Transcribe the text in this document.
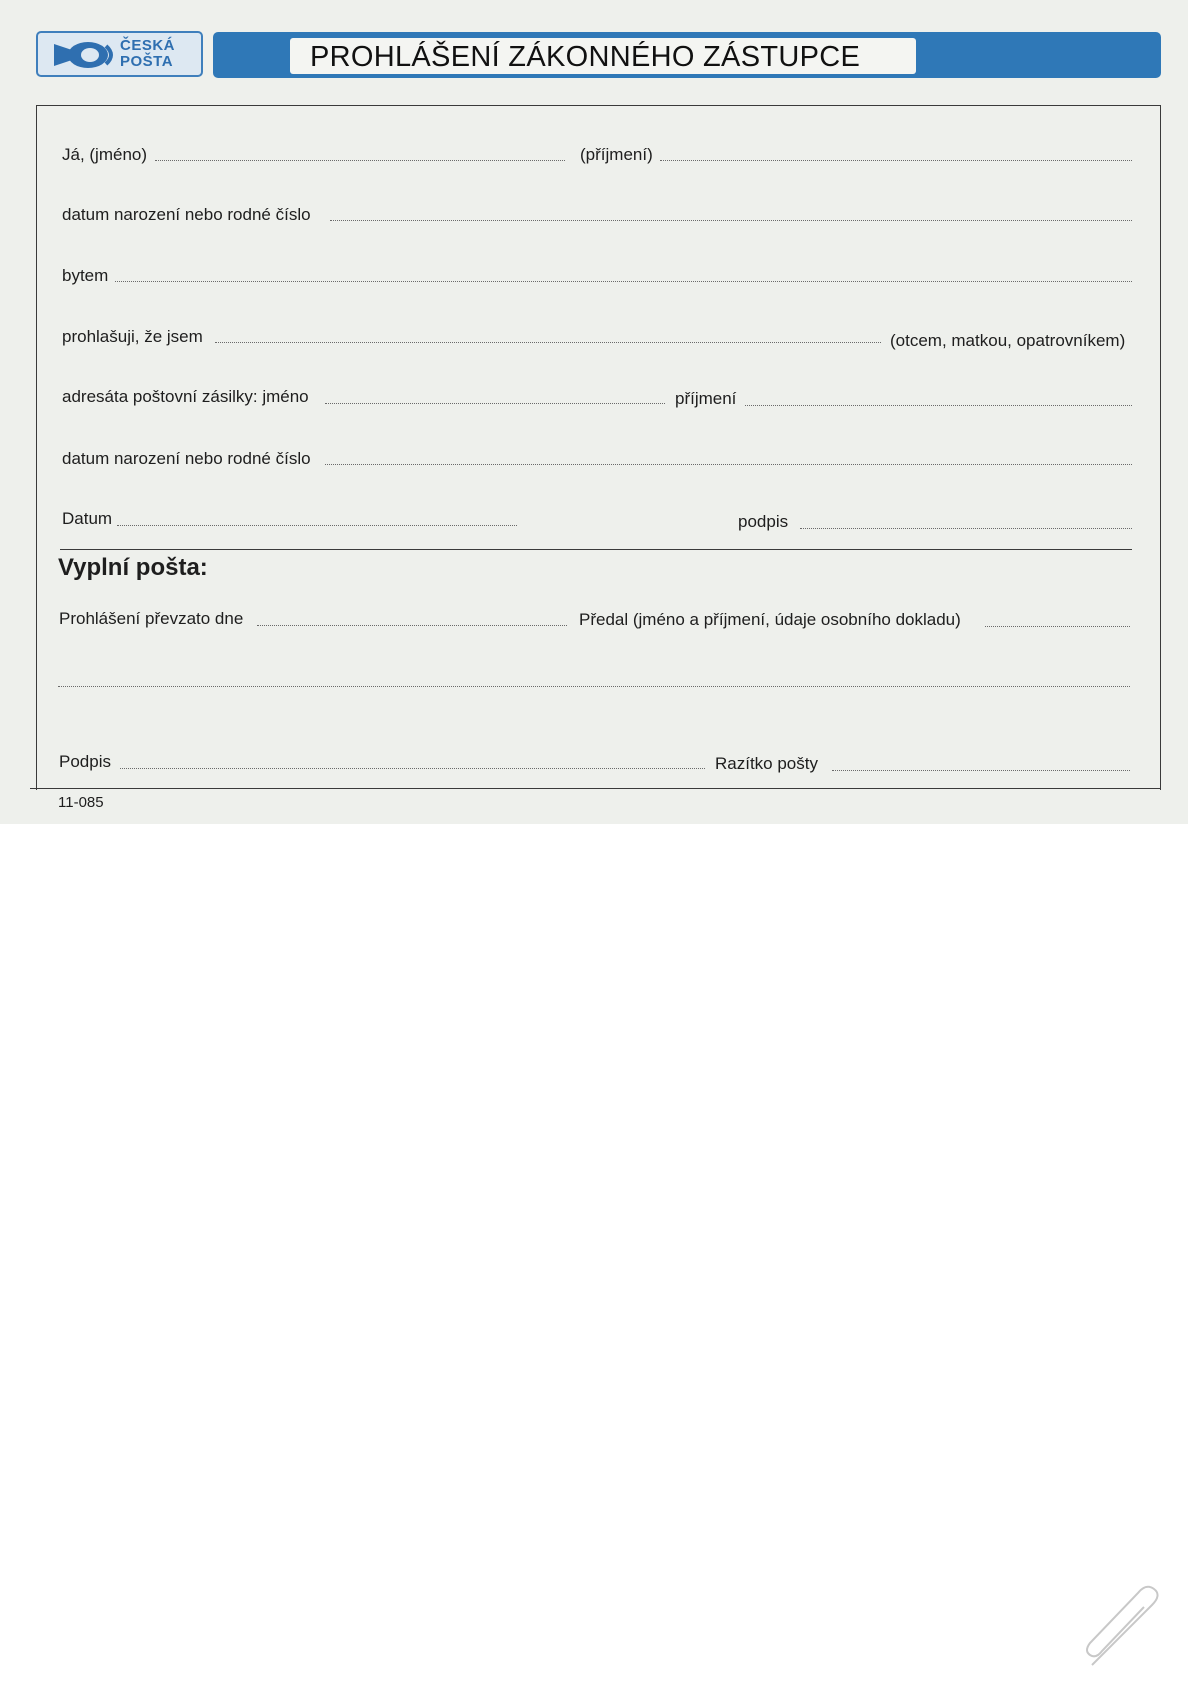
ČESKÁ
POŠTA	PROHLÁŠENÍ ZÁKONNÉHO ZÁSTUPCE
Já, (jméno)	(příjmení)
datum narození nebo rodné číslo
bytem
prohlašuji, že jsem	(otcem, matkou, opatrovníkem)
adresáta poštovní zásilky: jméno	příjmení
datum narození nebo rodné číslo
Datum	podpis
Vyplní pošta:
Prohlášení převzato dne	Předal (jméno a příjmení, údaje osobního dokladu)
Podpis	Razítko pošty
11-085
